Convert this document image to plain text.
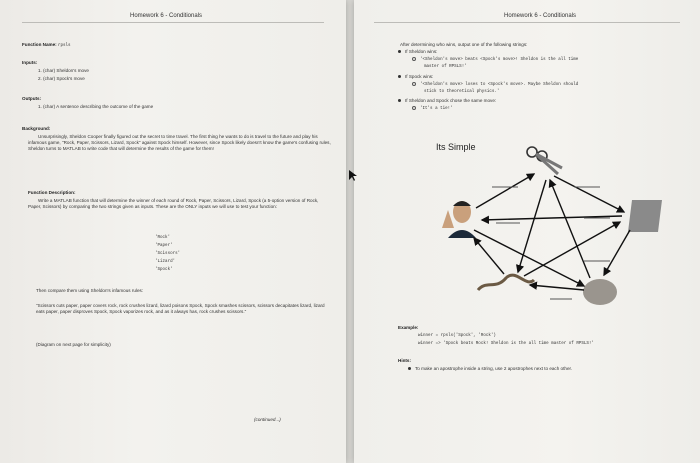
Homework 6 - Conditionals
Function Name: rpsls
Inputs:
1. (char) Sheldon's move
2. (char) Spock's move
Outputs:
1. (char) A sentence describing the outcome of the game
Background:
Unsurprisingly, Sheldon Cooper finally figured out the secret to time travel. The first thing he wants to do is travel to the future and play his infamous game, "Rock, Paper, Scissors, Lizard, Spock" against Spock himself. However, since Spock likely doesn't know the game's confusing rules, Sheldon turns to MATLAB to write code that will determine the results of the game for them!
Function Description:
Write a MATLAB function that will determine the winner of each round of Rock, Paper, Scissors, Lizard, Spock (a 5-option version of Rock, Paper, Scissors) by comparing the two strings given as inputs. These are the ONLY inputs we will use to test your function:
'Rock'
'Paper'
'Scissors'
'Lizard'
'Spock'
Then compare them using Sheldon's infamous rules:
"Scissors cuts paper, paper covers rock, rock crushes lizard, lizard poisons Spock, Spock smashes scissors, scissors decapitates lizard, lizard eats paper, paper disproves Spock, Spock vaporizes rock, and as it always has, rock crushes scissors."
(Diagram on next page for simplicity)
(continued...)
Homework 6 - Conditionals
After determining who wins, output one of the following strings:
If Sheldon wins:
'<Sheldon's move> beats <Spock's move>! Sheldon is the all time
master of RPSLS!'
If Spock wins:
'<Sheldon's move> loses to <Spock's move>. Maybe Sheldon should
stick to theoretical physics.'
If Sheldon and Spock chose the same move:
'It's a tie!'
Its Simple
Example:
winner = rpsls('Spock', 'Rock')
winner => 'Spock beats Rock! Sheldon is the all time master of RPSLS!'
Hints:
To make an apostrophe inside a string, use 2 apostrophes next to each other.
